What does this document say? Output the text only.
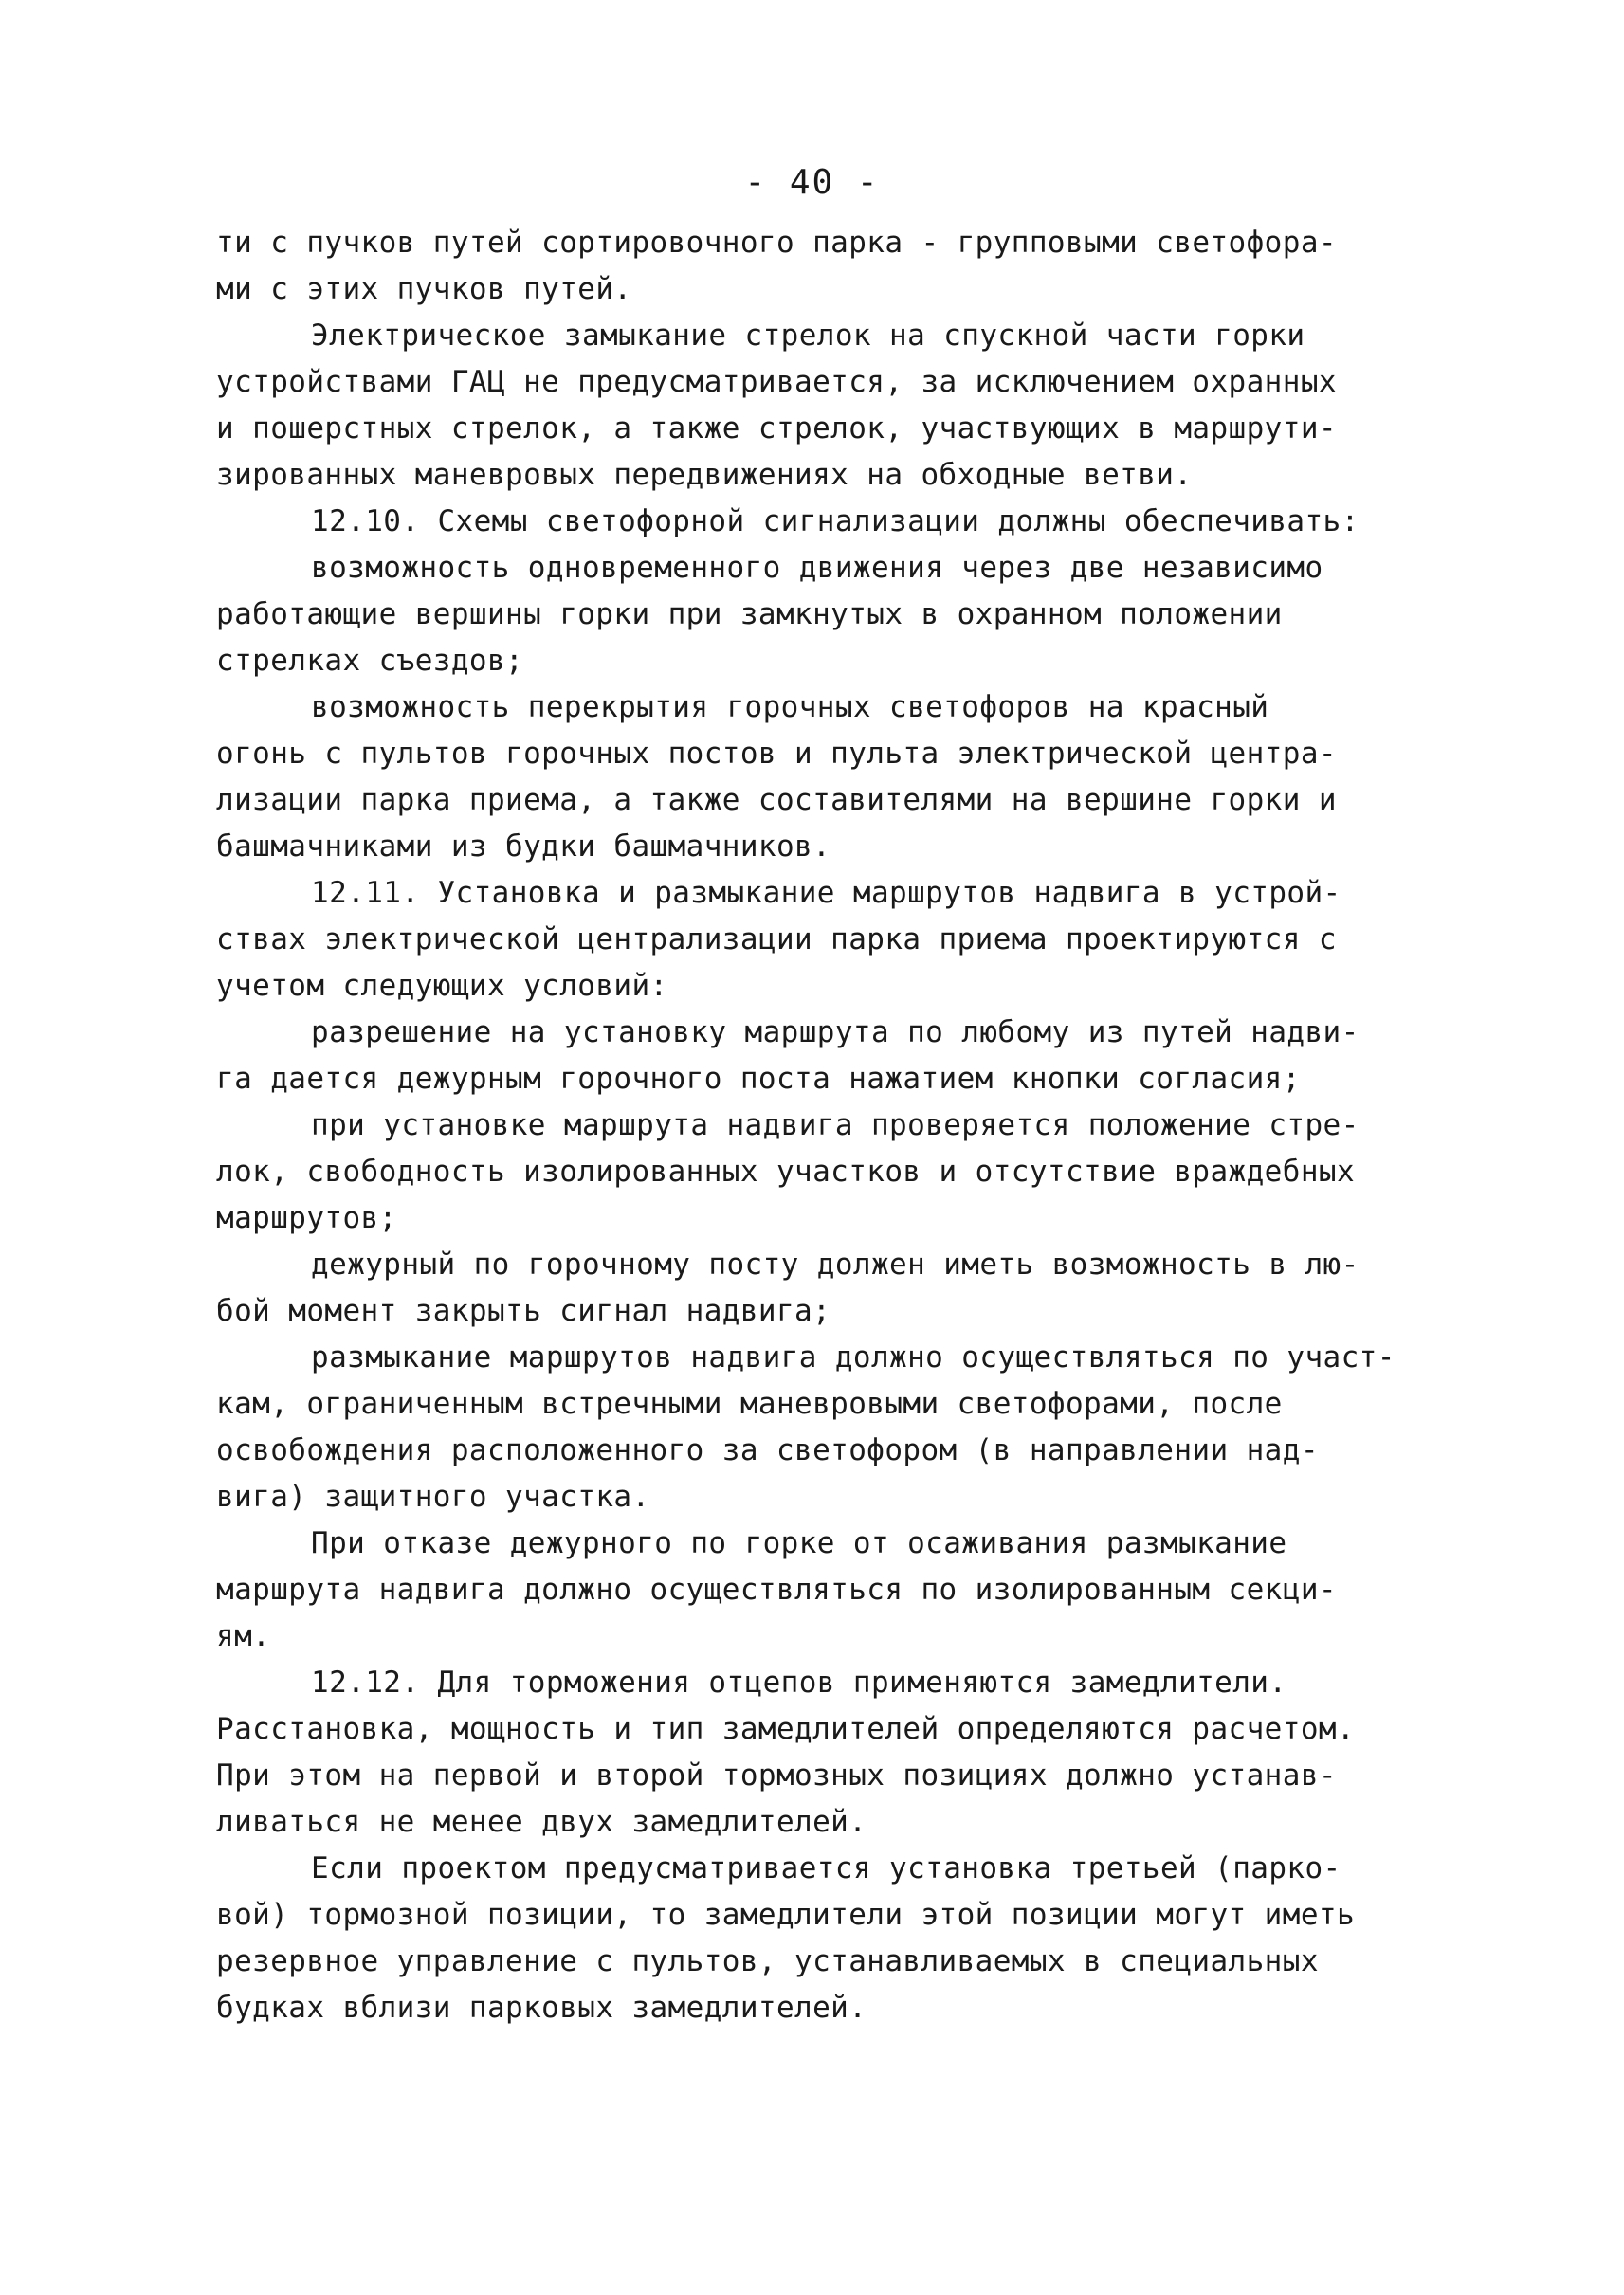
- 40 -
ти с пучков путей сортировочного парка - групповыми светофора-
ми с этих пучков путей.
Электрическое замыкание стрелок на спускной части горки
устройствами ГАЦ не предусматривается, за исключением охранных
и пошерстных стрелок, а также стрелок, участвующих в маршрути-
зированных маневровых передвижениях на обходные ветви.
12.10. Схемы светофорной сигнализации должны обеспечивать:
возможность одновременного движения через две независимо
работающие вершины горки при замкнутых в охранном положении
стрелках съездов;
возможность перекрытия горочных светофоров на красный
огонь с пультов горочных постов и пульта электрической центра-
лизации парка приема, а также составителями на вершине горки и
башмачниками из будки башмачников.
12.11. Установка и размыкание маршрутов надвига в устрой-
ствах электрической централизации парка приема проектируются с
учетом следующих условий:
разрешение на установку маршрута по любому из путей надви-
га дается дежурным горочного поста нажатием кнопки согласия;
при установке маршрута надвига проверяется положение стре-
лок, свободность изолированных участков и отсутствие враждебных
маршрутов;
дежурный по горочному посту должен иметь возможность в лю-
бой момент закрыть сигнал надвига;
размыкание маршрутов надвига должно осуществляться по участ-
кам, ограниченным встречными маневровыми светофорами, после
освобождения расположенного за светофором (в направлении над-
вига) защитного участка.
При отказе дежурного по горке от осаживания размыкание
маршрута надвига должно осуществляться по изолированным секци-
ям.
12.12. Для торможения отцепов применяются замедлители.
Расстановка, мощность и тип замедлителей определяются расчетом.
При этом на первой и второй тормозных позициях должно устанав-
ливаться не менее двух замедлителей.
Если проектом предусматривается установка третьей (парко-
вой) тормозной позиции, то замедлители этой позиции могут иметь
резервное управление с пультов, устанавливаемых в специальных
будках вблизи парковых замедлителей.
